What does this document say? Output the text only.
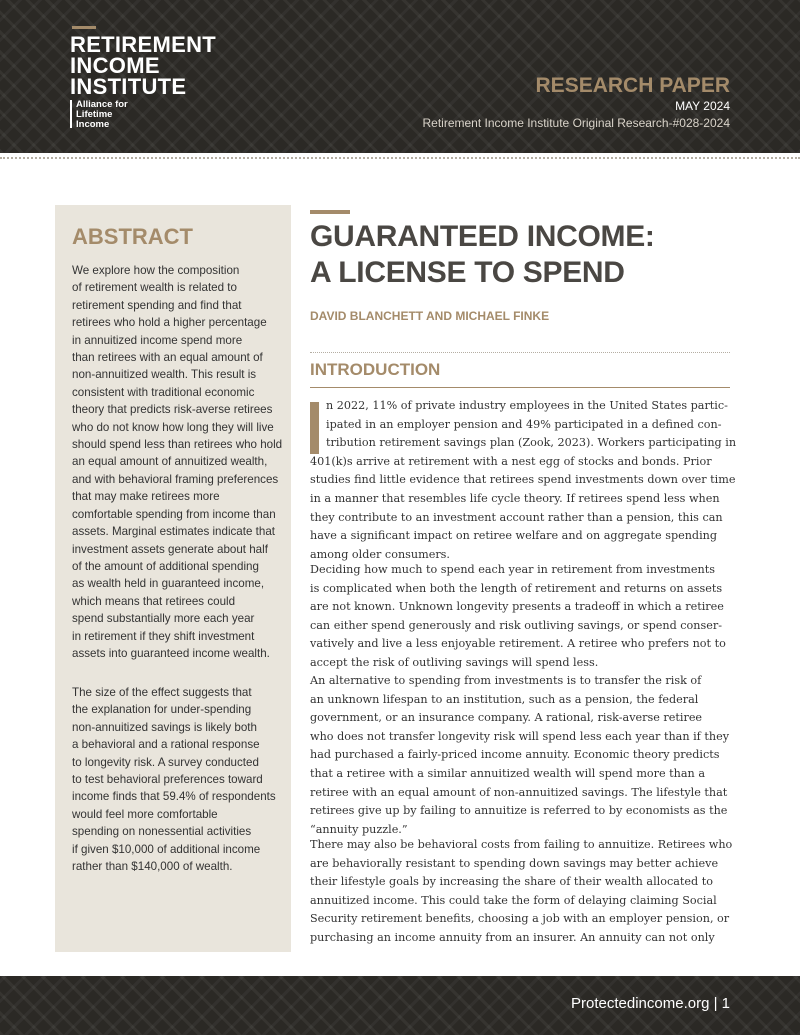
RETIREMENT
INCOME
INSTITUTE
Alliance for
Lifetime
Income
RESEARCH PAPER
MAY 2024
Retirement Income Institute Original Research-#028-2024
ABSTRACT
We explore how the composition
of retirement wealth is related to
retirement spending and find that
retirees who hold a higher percentage
in annuitized income spend more
than retirees with an equal amount of
non-annuitized wealth. This result is
consistent with traditional economic
theory that predicts risk-averse retirees
who do not know how long they will live
should spend less than retirees who hold
an equal amount of annuitized wealth,
and with behavioral framing preferences
that may make retirees more
comfortable spending from income than
assets. Marginal estimates indicate that
investment assets generate about half
of the amount of additional spending
as wealth held in guaranteed income,
which means that retirees could
spend substantially more each year
in retirement if they shift investment
assets into guaranteed income wealth.
The size of the effect suggests that
the explanation for under-spending
non-annuitized savings is likely both
a behavioral and a rational response
to longevity risk. A survey conducted
to test behavioral preferences toward
income finds that 59.4% of respondents
would feel more comfortable
spending on nonessential activities
if given $10,000 of additional income
rather than $140,000 of wealth.
GUARANTEED INCOME:
A LICENSE TO SPEND
DAVID BLANCHETT AND MICHAEL FINKE
INTRODUCTION
n 2022, 11% of private industry employees in the United States partic-
ipated in an employer pension and 49% participated in a defined con-
tribution retirement savings plan (Zook, 2023). Workers participating in
401(k)s arrive at retirement with a nest egg of stocks and bonds. Prior
studies find little evidence that retirees spend investments down over time
in a manner that resembles life cycle theory. If retirees spend less when
they contribute to an investment account rather than a pension, this can
have a significant impact on retiree welfare and on aggregate spending
among older consumers.
Deciding how much to spend each year in retirement from investments
is complicated when both the length of retirement and returns on assets
are not known. Unknown longevity presents a tradeoff in which a retiree
can either spend generously and risk outliving savings, or spend conser-
vatively and live a less enjoyable retirement. A retiree who prefers not to
accept the risk of outliving savings will spend less.
An alternative to spending from investments is to transfer the risk of
an unknown lifespan to an institution, such as a pension, the federal
government, or an insurance company. A rational, risk-averse retiree
who does not transfer longevity risk will spend less each year than if they
had purchased a fairly-priced income annuity. Economic theory predicts
that a retiree with a similar annuitized wealth will spend more than a
retiree with an equal amount of non-annuitized savings. The lifestyle that
retirees give up by failing to annuitize is referred to by economists as the
“annuity puzzle.”
There may also be behavioral costs from failing to annuitize. Retirees who
are behaviorally resistant to spending down savings may better achieve
their lifestyle goals by increasing the share of their wealth allocated to
annuitized income. This could take the form of delaying claiming Social
Security retirement benefits, choosing a job with an employer pension, or
purchasing an income annuity from an insurer. An annuity can not only
Protectedincome.org | 1
